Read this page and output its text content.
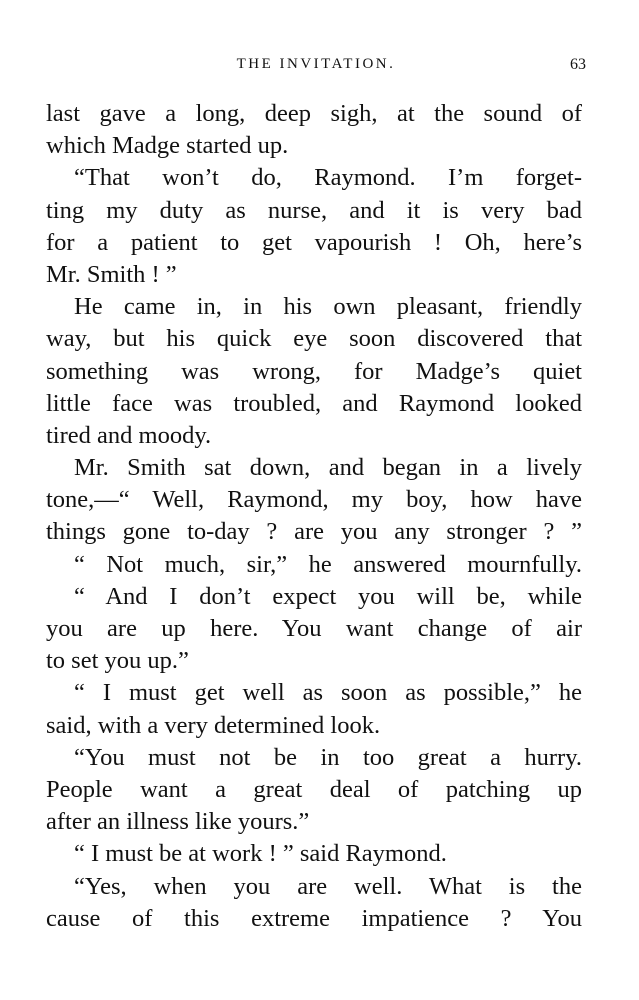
THE INVITATION.	63
last gave a long, deep sigh, at the sound of
which Madge started up.
“That won’t do, Raymond. I’m forget-
ting my duty as nurse, and it is very bad
for a patient to get vapourish ! Oh, here’s
Mr. Smith ! ”
He came in, in his own pleasant, friendly
way, but his quick eye soon discovered that
something was wrong, for Madge’s quiet
little face was troubled, and Raymond looked
tired and moody.
Mr. Smith sat down, and began in a lively
tone,—“ Well, Raymond, my boy, how have
things gone to-day ? are you any stronger ? ”
“ Not much, sir,” he answered mournfully.
“ And I don’t expect you will be, while
you are up here. You want change of air
to set you up.”
“ I must get well as soon as possible,” he
said, with a very determined look.
“You must not be in too great a hurry.
People want a great deal of patching up
after an illness like yours.”
“ I must be at work ! ” said Raymond.
“Yes, when you are well. What is the
cause of this extreme impatience ? You
